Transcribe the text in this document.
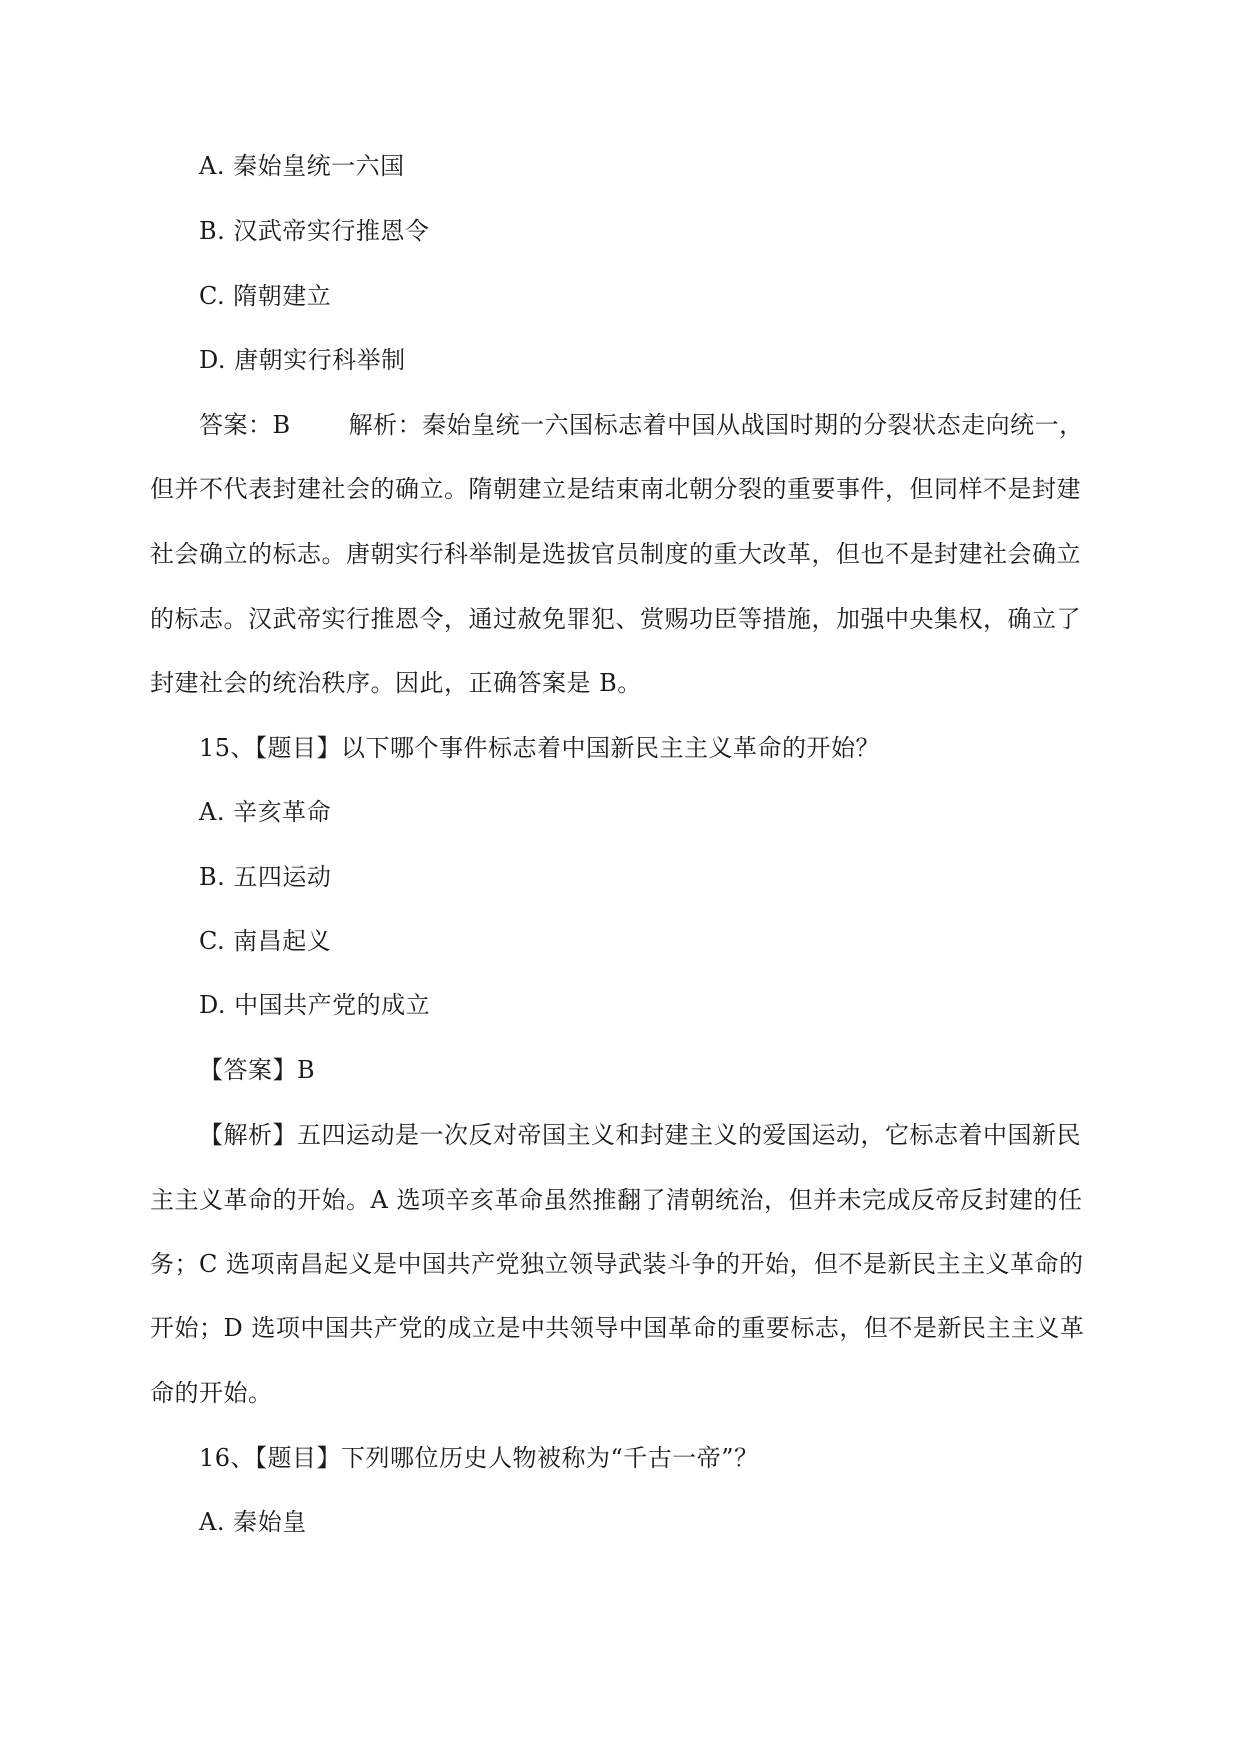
A. 秦始皇统一六国
B. 汉武帝实行推恩令
C. 隋朝建立
D. 唐朝实行科举制
答案：B 解析：秦始皇统一六国标志着中国从战国时期的分裂状态走向统一，
但并不代表封建社会的确立。隋朝建立是结束南北朝分裂的重要事件，但同样不是封建
社会确立的标志。唐朝实行科举制是选拔官员制度的重大改革，但也不是封建社会确立
的标志。汉武帝实行推恩令，通过赦免罪犯、赏赐功臣等措施，加强中央集权，确立了
封建社会的统治秩序。因此，正确答案是 B。
15、【题目】以下哪个事件标志着中国新民主主义革命的开始？
A. 辛亥革命
B. 五四运动
C. 南昌起义
D. 中国共产党的成立
【答案】B
【解析】五四运动是一次反对帝国主义和封建主义的爱国运动，它标志着中国新民
主主义革命的开始。A 选项辛亥革命虽然推翻了清朝统治，但并未完成反帝反封建的任
务；C 选项南昌起义是中国共产党独立领导武装斗争的开始，但不是新民主主义革命的
开始；D 选项中国共产党的成立是中共领导中国革命的重要标志，但不是新民主主义革
命的开始。
16、【题目】下列哪位历史人物被称为“千古一帝”？
A. 秦始皇
